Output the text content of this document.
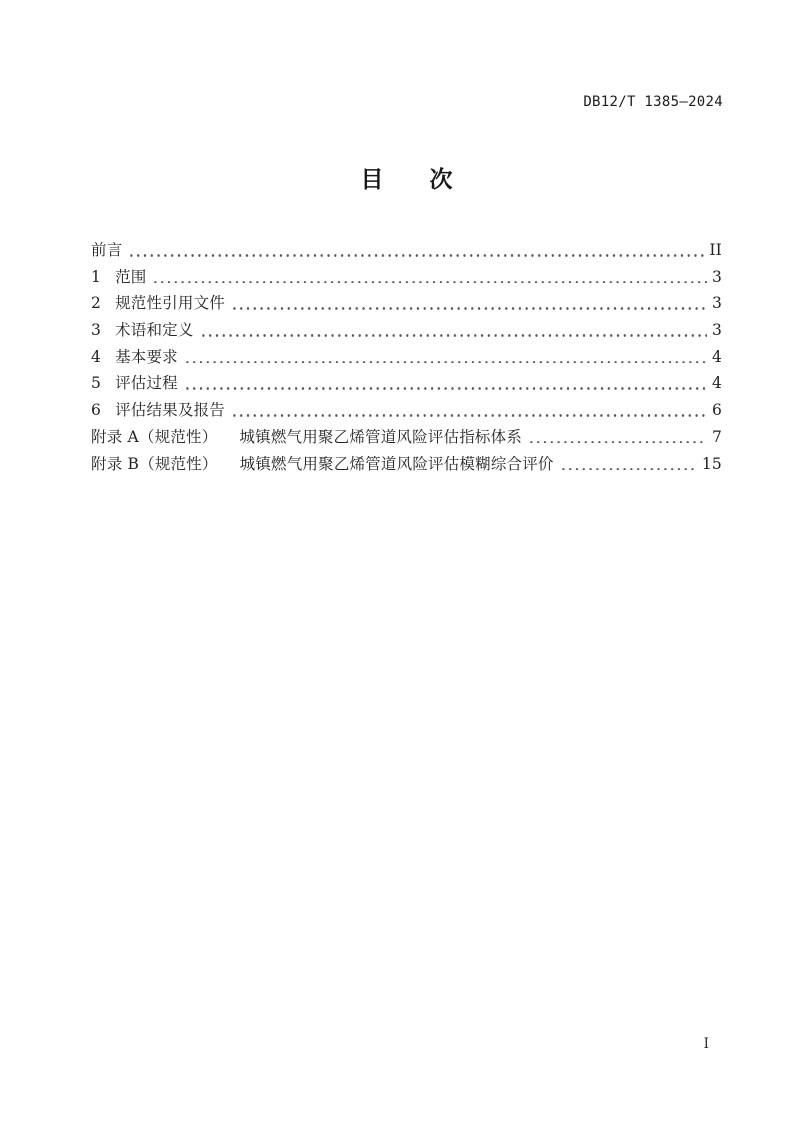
DB12/T 1385—2024
目　　次
前言	II
1 范围	3
2 规范性引用文件	3
3 术语和定义	3
4 基本要求	4
5 评估过程	4
6 评估结果及报告	6
附录 A（规范性） 城镇燃气用聚乙烯管道风险评估指标体系	7
附录 B（规范性） 城镇燃气用聚乙烯管道风险评估模糊综合评价	15
I
